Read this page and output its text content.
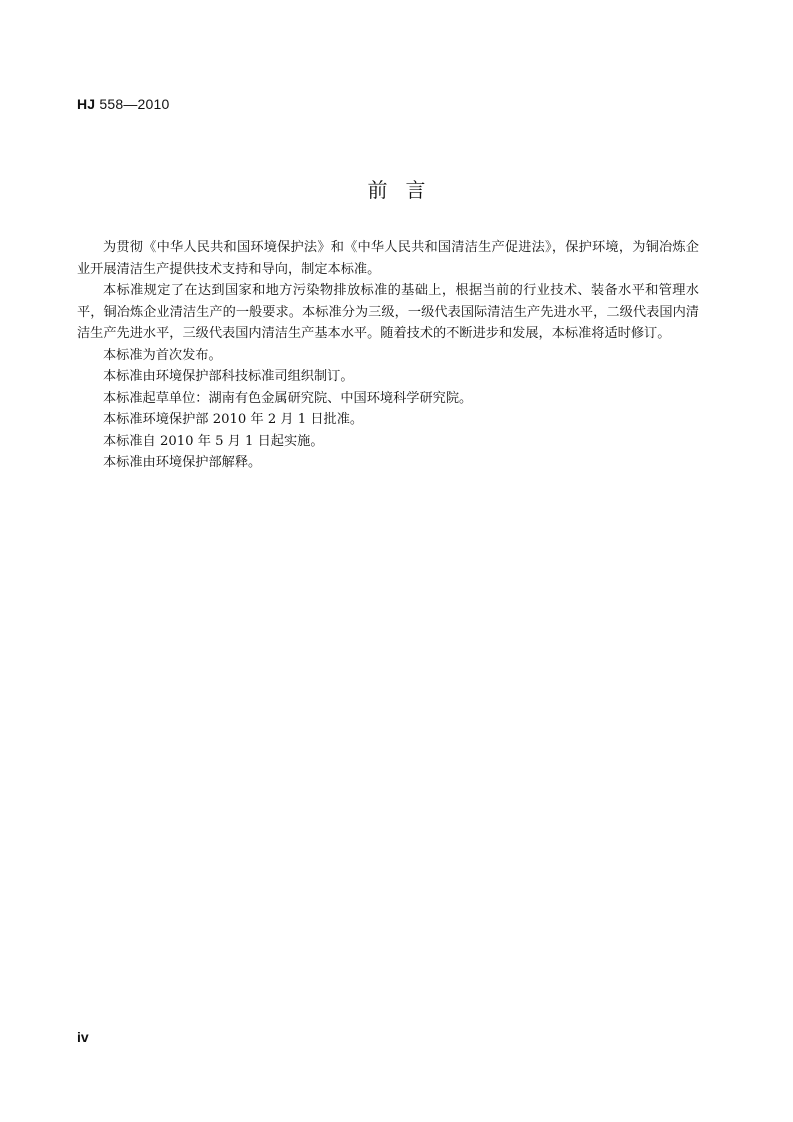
HJ 558—2010
前言

为贯彻《中华人民共和国环境保护法》和《中华人民共和国清洁生产促进法》，保护环境，为铜冶炼企业开展清洁生产提供技术支持和导向，制定本标准。

本标准规定了在达到国家和地方污染物排放标准的基础上，根据当前的行业技术、装备水平和管理水平，铜冶炼企业清洁生产的一般要求。本标准分为三级，一级代表国际清洁生产先进水平，二级代表国内清洁生产先进水平，三级代表国内清洁生产基本水平。随着技术的不断进步和发展，本标准将适时修订。

本标准为首次发布。

本标准由环境保护部科技标准司组织制订。

本标准起草单位：湖南有色金属研究院、中国环境科学研究院。

本标准环境保护部 2010 年 2 月 1 日批准。

本标准自 2010 年 5 月 1 日起实施。

本标准由环境保护部解释。

iv
